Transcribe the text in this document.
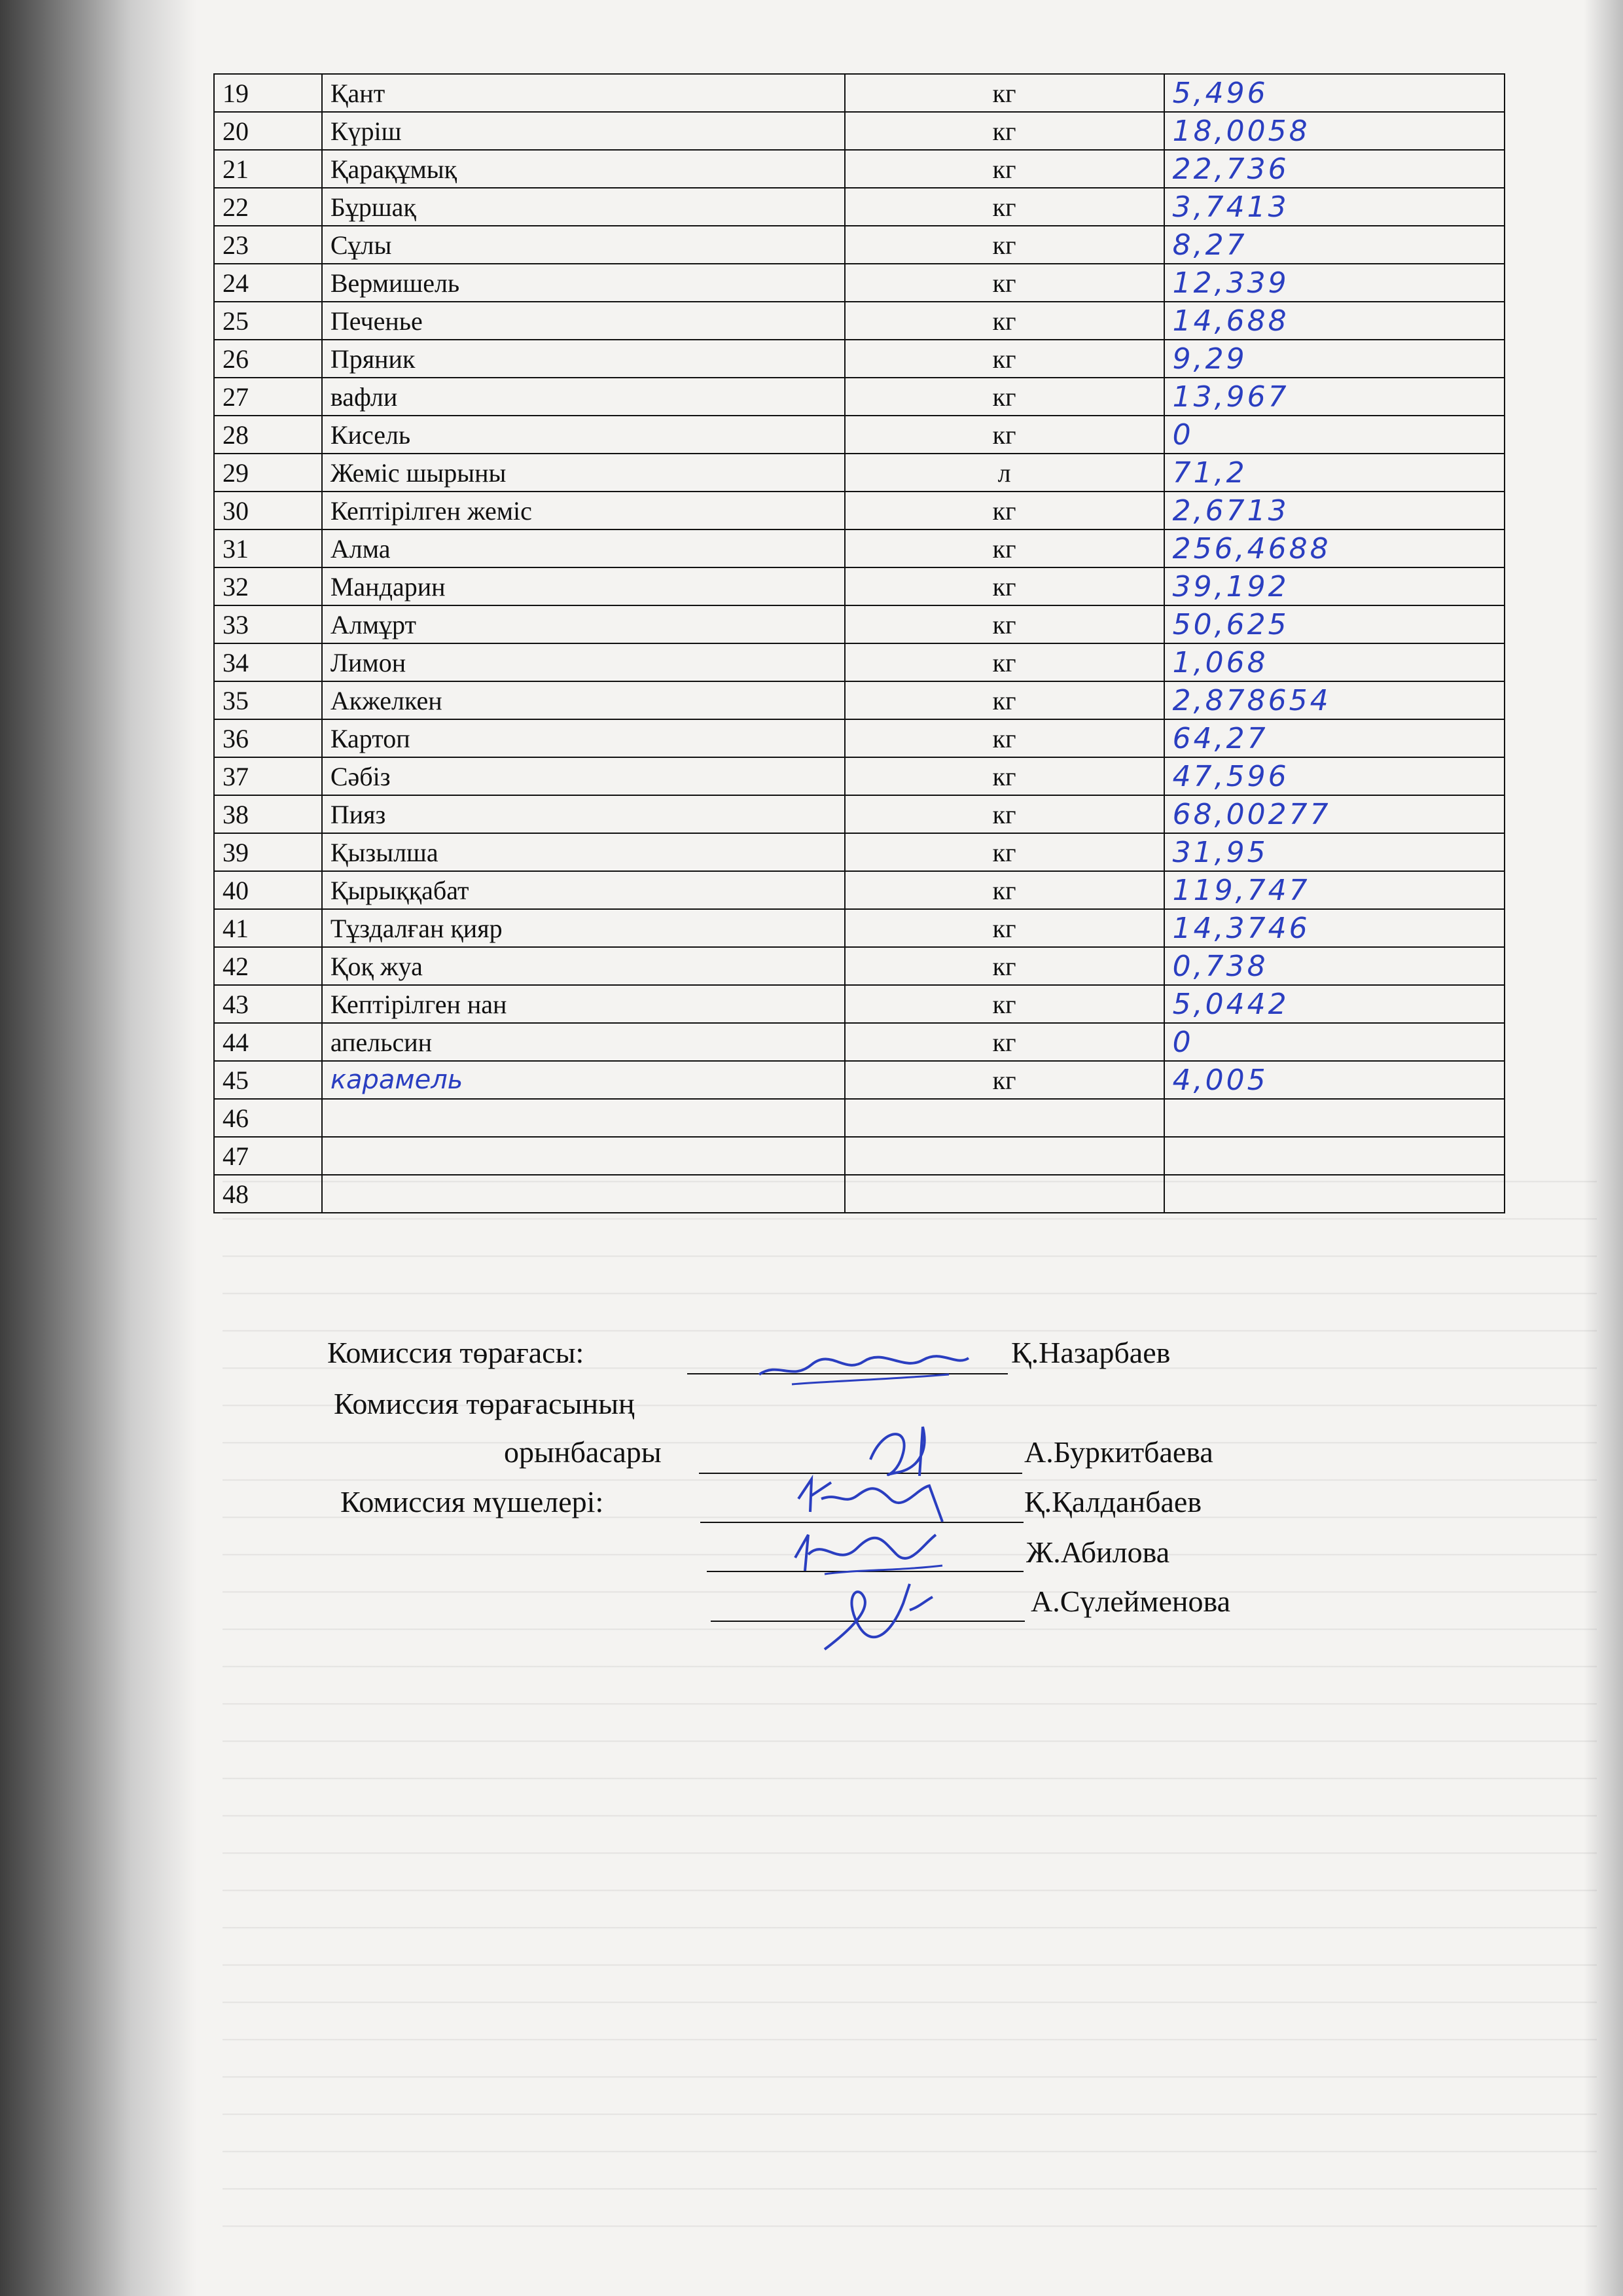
19	Қант	кг	5,496
20	Күріш	кг	18,0058
21	Қарақұмық	кг	22,736
22	Бұршақ	кг	3,7413
23	Сұлы	кг	8,27
24	Вермишель	кг	12,339
25	Печенье	кг	14,688
26	Пряник	кг	9,29
27	вафли	кг	13,967
28	Кисель	кг	0
29	Жеміс шырыны	л	71,2
30	Кептірілген жеміс	кг	2,6713
31	Алма	кг	256,4688
32	Мандарин	кг	39,192
33	Алмұрт	кг	50,625
34	Лимон	кг	1,068
35	Акжелкен	кг	2,878654
36	Картоп	кг	64,27
37	Сәбіз	кг	47,596
38	Пияз	кг	68,00277
39	Қызылша	кг	31,95
40	Қырыққабат	кг	119,747
41	Тұздалған қияр	кг	14,3746
42	Қоқ жуа	кг	0,738
43	Кептірілген нан	кг	5,0442
44	апельсин	кг	0
45	карамель	кг	4,005
46			
47			
48			
Комиссия төрағасы:	Қ.Назарбаев
Комиссия төрағасының
орынбасары	А.Буркитбаева
Комиссия мүшелері:	Қ.Қалданбаев
Ж.Абилова
А.Сүлейменова
